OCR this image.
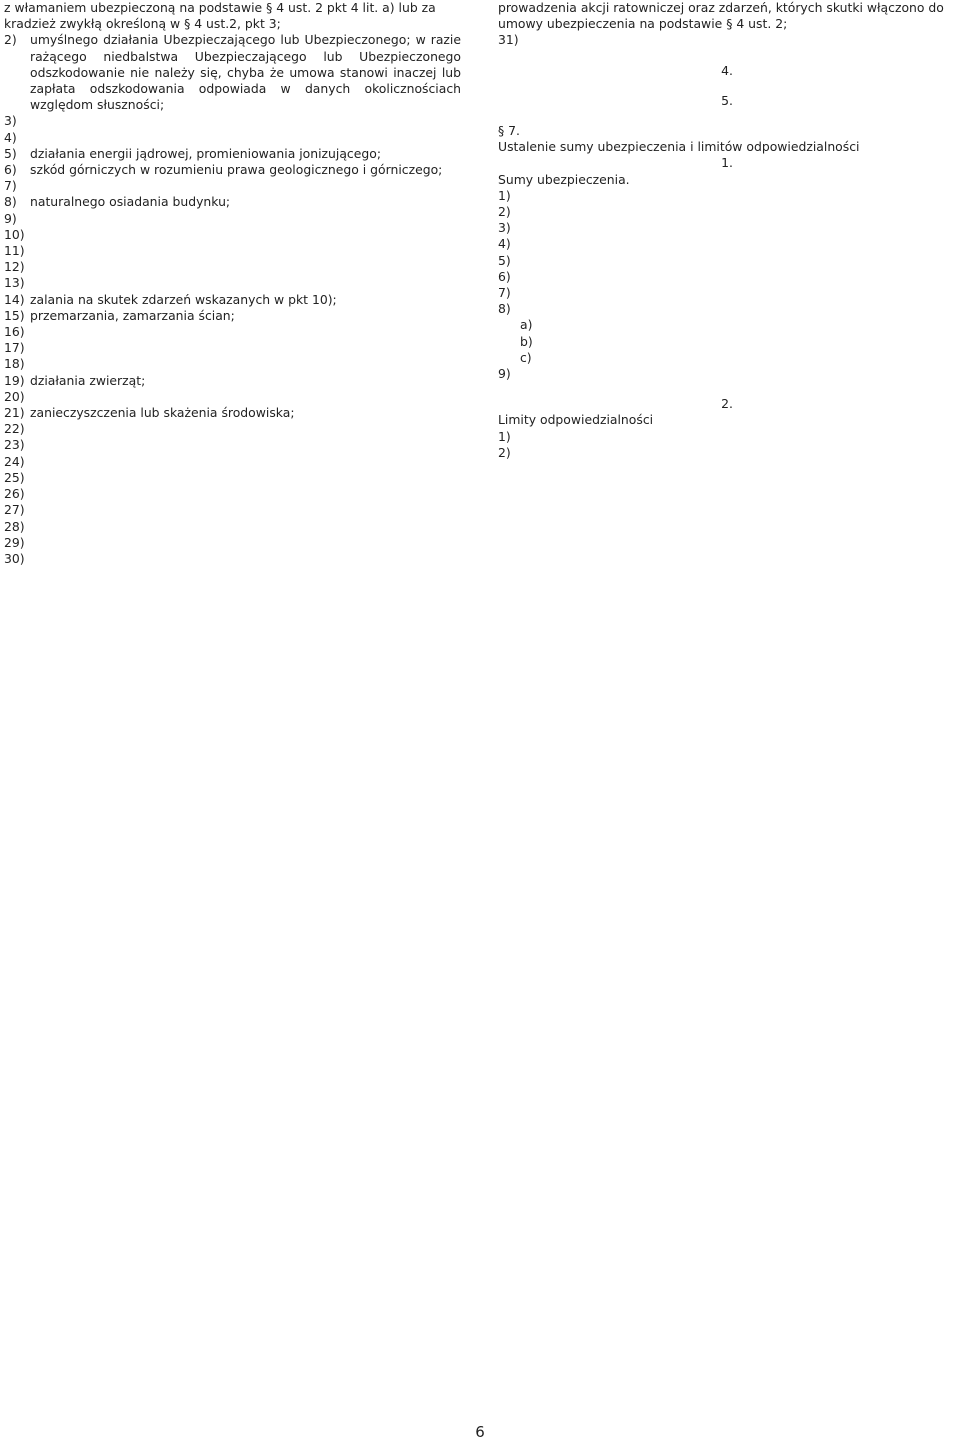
z włamaniem ubezpieczoną na podstawie § 4 ust. 2 pkt 4 lit. a) lub za kradzież zwykłą określoną w § 4 ust.2, pkt 3;

2)	umyślnego działania Ubezpieczającego lub Ubezpieczonego; w razie rażącego niedbalstwa Ubezpieczającego lub Ubezpieczonego odszkodowanie nie należy się, chyba że umowa stanowi inaczej lub zapłata odszkodowania odpowiada w danych okolicznościach względom słuszności;
3)
4)
5)	działania energii jądrowej, promieniowania jonizującego;
6)	szkód górniczych w rozumieniu prawa geologicznego i górniczego;
7)
8)	naturalnego osiadania budynku;
9)
10)
11)
12)
13)
14) zalania na skutek zdarzeń wskazanych w pkt 10);
15) przemarzania, zamarzania ścian;
16)
17)
18)
19) działania zwierząt;
20)
21) zanieczyszczenia lub skażenia środowiska;
22)
23)
24)
25)
26)
27)
28)
29)
30)

prowadzenia akcji ratowniczej oraz zdarzeń, których skutki włączono do umowy ubezpieczenia na podstawie § 4 ust. 2;

31)

4.

5.

§ 7.

Ustalenie sumy ubezpieczenia i limitów odpowiedzialności

1.

Sumy ubezpieczenia.

1)
2)
3)
4)
5)
6)
7)
8)
a)
b)
c)
9)

2.

Limity odpowiedzialności

1)
2)
6
